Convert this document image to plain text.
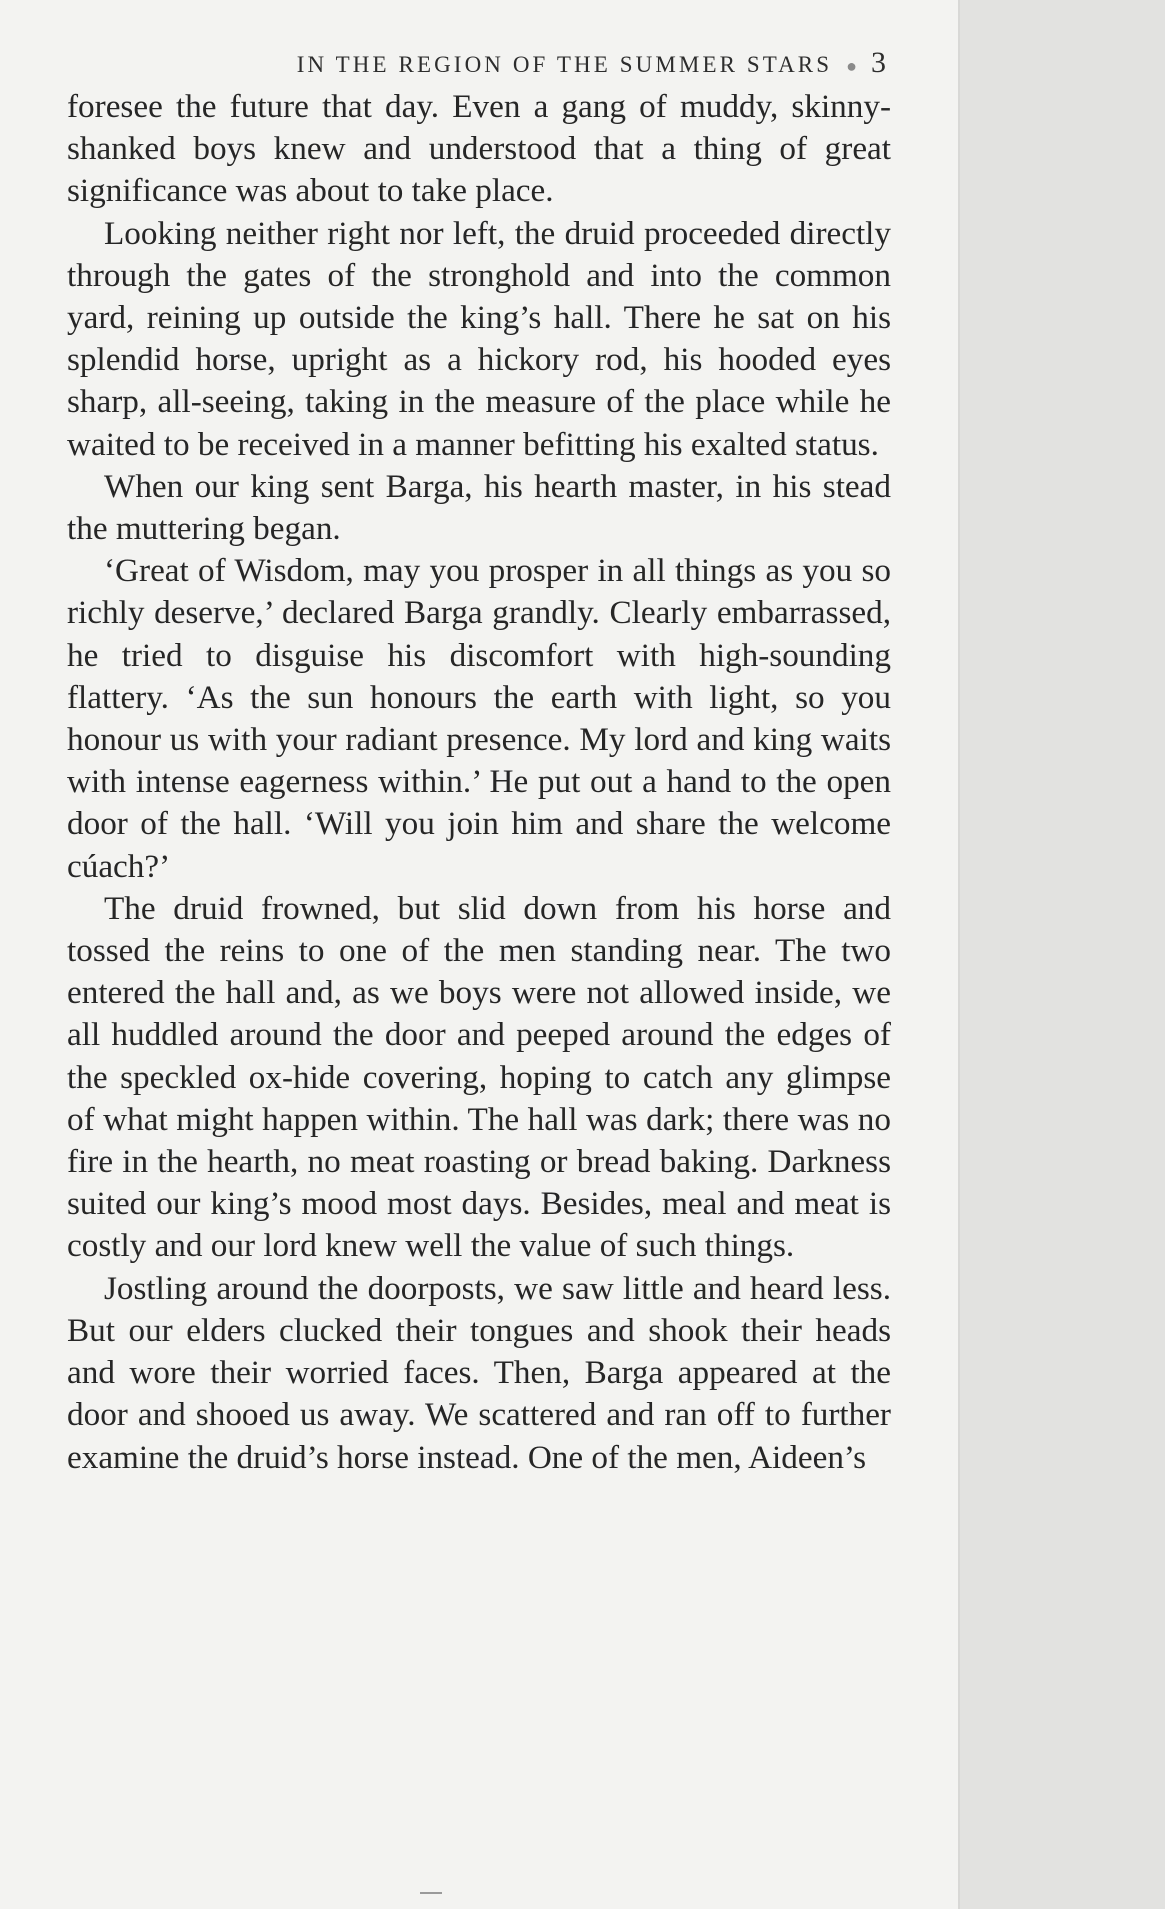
IN THE REGION OF THE SUMMER STARS ● 3

foresee the future that day. Even a gang of muddy, skinny-shanked boys knew and understood that a thing of great significance was about to take place.

Looking neither right nor left, the druid proceeded directly through the gates of the stronghold and into the common yard, reining up outside the king’s hall. There he sat on his splendid horse, upright as a hickory rod, his hooded eyes sharp, all-seeing, taking in the measure of the place while he waited to be received in a manner befitting his exalted status.

When our king sent Barga, his hearth master, in his stead the muttering began.

‘Great of Wisdom, may you prosper in all things as you so richly deserve,’ declared Barga grandly. Clearly embarrassed, he tried to disguise his discomfort with high-sounding flattery. ‘As the sun honours the earth with light, so you honour us with your radiant presence. My lord and king waits with intense eagerness within.’ He put out a hand to the open door of the hall. ‘Will you join him and share the welcome cúach?’

The druid frowned, but slid down from his horse and tossed the reins to one of the men standing near. The two entered the hall and, as we boys were not allowed inside, we all huddled around the door and peeped around the edges of the speckled ox-hide covering, hoping to catch any glimpse of what might happen within. The hall was dark; there was no fire in the hearth, no meat roasting or bread baking. Darkness suited our king’s mood most days. Besides, meal and meat is costly and our lord knew well the value of such things.

Jostling around the doorposts, we saw little and heard less. But our elders clucked their tongues and shook their heads and wore their worried faces. Then, Barga appeared at the door and shooed us away. We scattered and ran off to further examine the druid’s horse instead. One of the men, Aideen’s
